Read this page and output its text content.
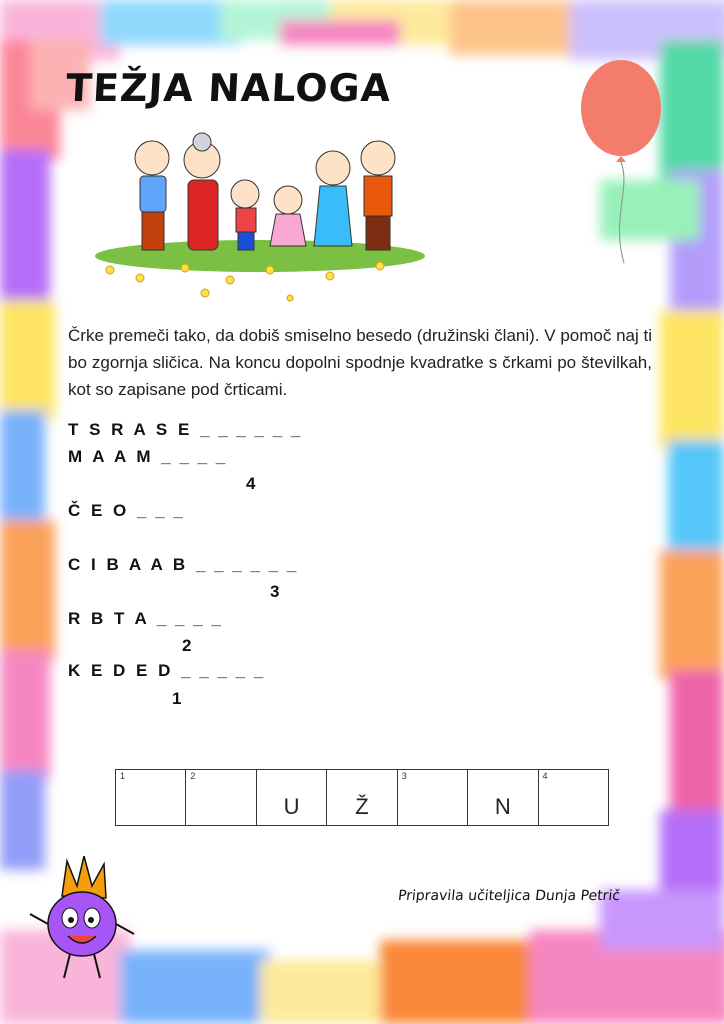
TEŽJA NALOGA

Črke premeči tako, da dobiš smiselno besedo (družinski člani). V pomoč naj ti bo zgornja sličica. Na koncu dopolni spodnje kvadratke s črkami po številkah, kot so zapisane pod črticami.

T S R A S E _ _ _ _ _ _
M A A M _ _ _ _
4
Č E O _ _ _
C I B A A B _ _ _ _ _ _
3
R B T A _ _ _ _
2
K E D E D _ _ _ _ _
1
1	2
U	Ž
3
N
4
Pripravila učiteljica Dunja Petrič
